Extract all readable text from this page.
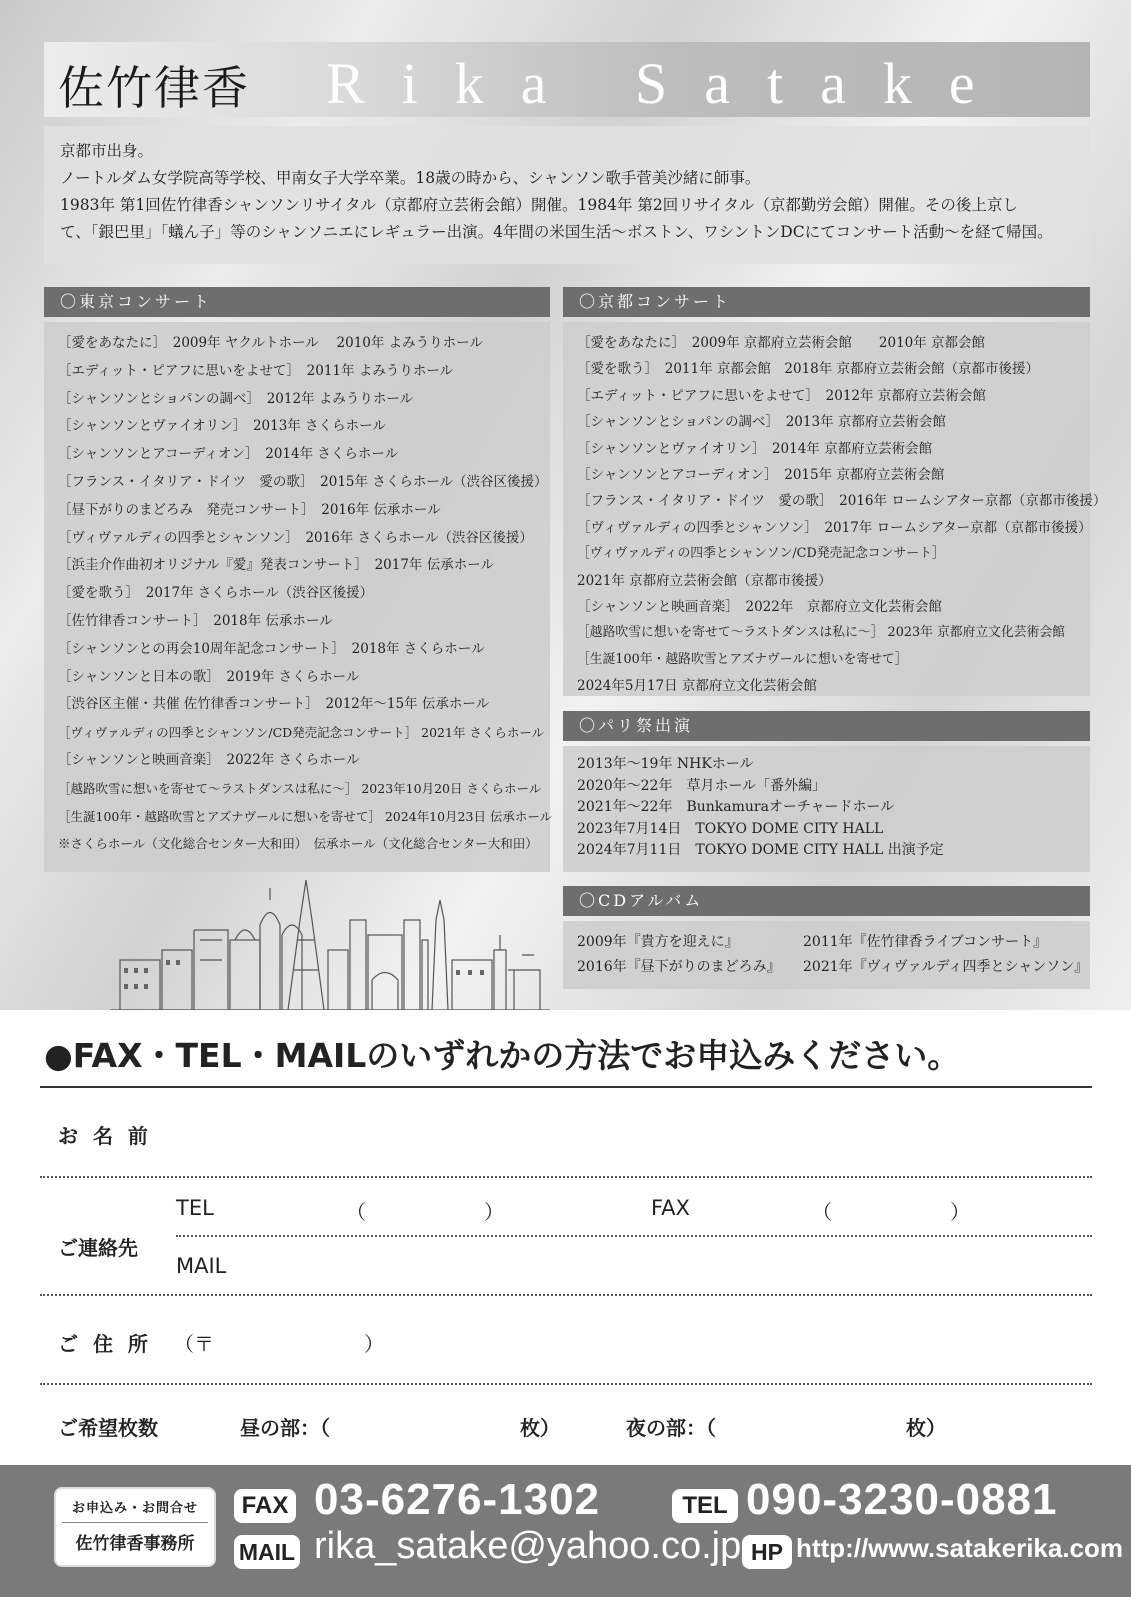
佐竹律香 Rika Satake

京都市出身。

ノートルダム女学院高等学校、甲南女子大学卒業。18歳の時から、シャンソン歌手菅美沙緒に師事。

1983年 第1回佐竹律香シャンソンリサイタル（京都府立芸術会館）開催。1984年 第2回リサイタル（京都勤労会館）開催。その後上京し

て、「銀巴里」「蟻ん子」等のシャンソニエにレギュラー出演。4年間の米国生活〜ボストン、ワシントンDCにてコンサート活動〜を経て帰国。

〇東京コンサート
［愛をあなたに］　2009年 ヤクルトホール　 2010年 よみうりホール
［エディット・ピアフに思いをよせて］　2011年 よみうりホール
［シャンソンとショパンの調べ］　2012年 よみうりホール
［シャンソンとヴァイオリン］　2013年 さくらホール
［シャンソンとアコーディオン］　2014年 さくらホール
［フランス・イタリア・ドイツ　愛の歌］　2015年 さくらホール（渋谷区後援）
［昼下がりのまどろみ　発売コンサート］　2016年 伝承ホール
［ヴィヴァルディの四季とシャンソン］　2016年 さくらホール（渋谷区後援）
［浜圭介作曲初オリジナル『愛』発表コンサート］　2017年 伝承ホール
［愛を歌う］　2017年 さくらホール（渋谷区後援）
［佐竹律香コンサート］　2018年 伝承ホール
［シャンソンとの再会10周年記念コンサート］　2018年 さくらホール
［シャンソンと日本の歌］　2019年 さくらホール
［渋谷区主催・共催 佐竹律香コンサート］　2012年〜15年 伝承ホール
［ヴィヴァルディの四季とシャンソン/CD発売記念コンサート］ 2021年 さくらホール
［シャンソンと映画音楽］　2022年 さくらホール
［越路吹雪に想いを寄せて〜ラストダンスは私に〜］ 2023年10月20日 さくらホール
［生誕100年・越路吹雪とアズナヴールに想いを寄せて］ 2024年10月23日 伝承ホール
※さくらホール（文化総合センター大和田）　伝承ホール（文化総合センター大和田）
〇京都コンサート
［愛をあなたに］　2009年 京都府立芸術会館　　2010年 京都会館
［愛を歌う］　2011年 京都会館　2018年 京都府立芸術会館（京都市後援）
［エディット・ピアフに思いをよせて］　2012年 京都府立芸術会館
［シャンソンとショパンの調べ］　2013年 京都府立芸術会館
［シャンソンとヴァイオリン］　2014年 京都府立芸術会館
［シャンソンとアコーディオン］　2015年 京都府立芸術会館
［フランス・イタリア・ドイツ　愛の歌］　2016年 ロームシアター京都（京都市後援）
［ヴィヴァルディの四季とシャンソン］　2017年 ロームシアター京都（京都市後援）
［ヴィヴァルディの四季とシャンソン/CD発売記念コンサート］
2021年 京都府立芸術会館（京都市後援）
［シャンソンと映画音楽］　2022年　京都府立文化芸術会館
［越路吹雪に想いを寄せて〜ラストダンスは私に〜］ 2023年 京都府立文化芸術会館
［生誕100年・越路吹雪とアズナヴールに想いを寄せて］
2024年5月17日 京都府立文化芸術会館
〇パリ祭出演
2013年〜19年 NHKホール
2020年〜22年　草月ホール「番外編」
2021年〜22年　Bunkamuraオーチャードホール
2023年7月14日　TOKYO DOME CITY HALL
2024年7月11日　TOKYO DOME CITY HALL 出演予定
〇CDアルバム
2009年『貴方を迎えに』	2011年『佐竹律香ライブコンサート』
2016年『昼下がりのまどろみ』	2021年『ヴィヴァルディ四季とシャンソン』
●FAX・TEL・MAILのいずれかの方法でお申込みください。
お 名 前
ご連絡先
TEL	（	）	FAX	（	）
MAIL
ご 住 所 （〒	）
ご希望枚数	昼の部：（	枚）	夜の部：（	枚）
お申込み・お問合せ
佐竹律香事務所
FAX 03-6276-1302	TEL 090-3230-0881
MAIL rika_satake@yahoo.co.jp HP http://www.satakerika.com
